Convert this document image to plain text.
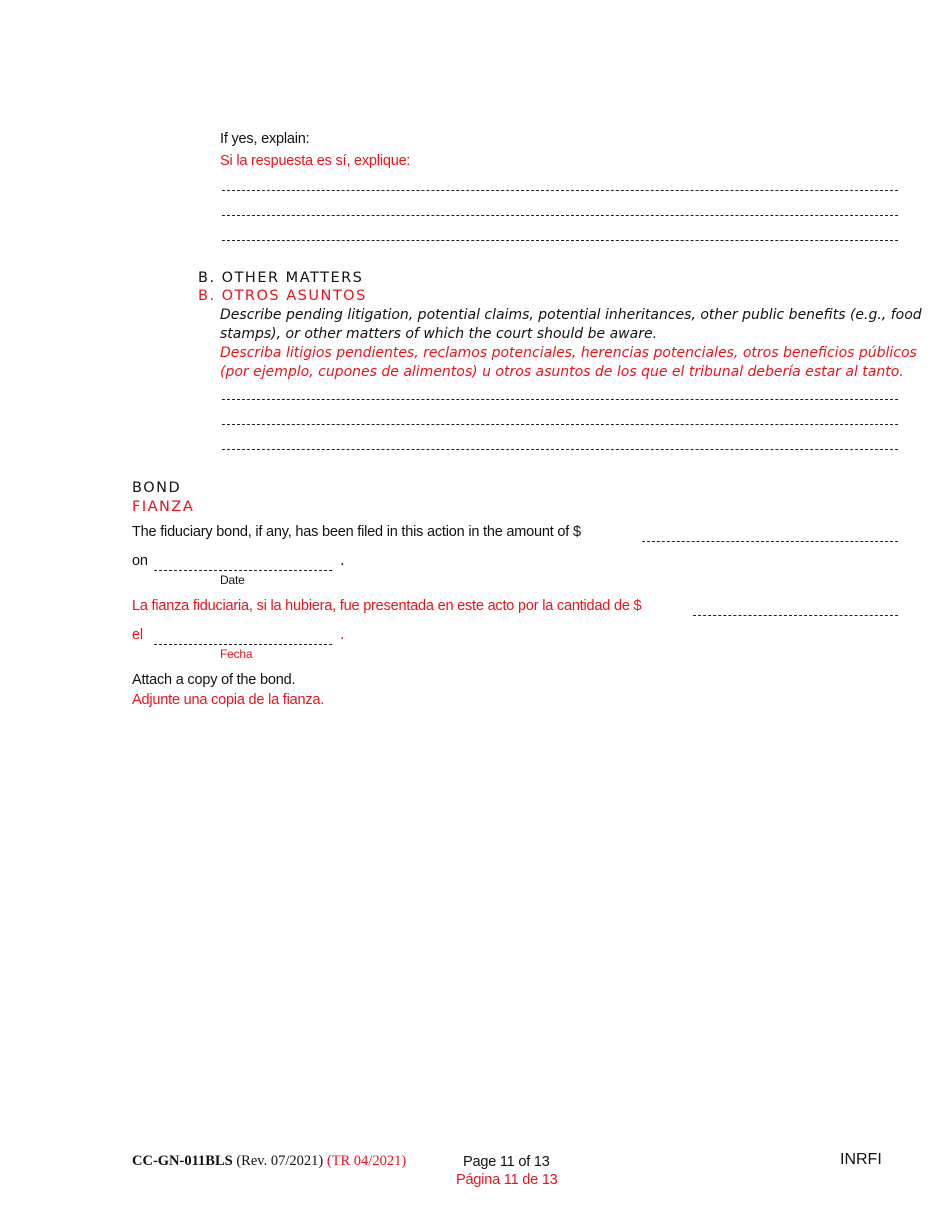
If yes, explain:
Si la respuesta es sí, explique:
B. OTHER MATTERS
B. OTROS ASUNTOS
Describe pending litigation, potential claims, potential inheritances, other public benefits (e.g., food
stamps), or other matters of which the court should be aware.
Describa litigios pendientes, reclamos potenciales, herencias potenciales, otros beneficios públicos
(por ejemplo, cupones de alimentos) u otros asuntos de los que el tribunal debería estar al tanto.
BOND
FIANZA
The fiduciary bond, if any, has been filed in this action in the amount of $
on	.
Date
La fianza fiduciaria, si la hubiera, fue presentada en este acto por la cantidad de $
el	.
Fecha
Attach a copy of the bond.
Adjunte una copia de la fianza.
CC-GN-011BLS (Rev. 07/2021) (TR 04/2021)	Page 11 of 13
Página 11 de 13
INRFI
